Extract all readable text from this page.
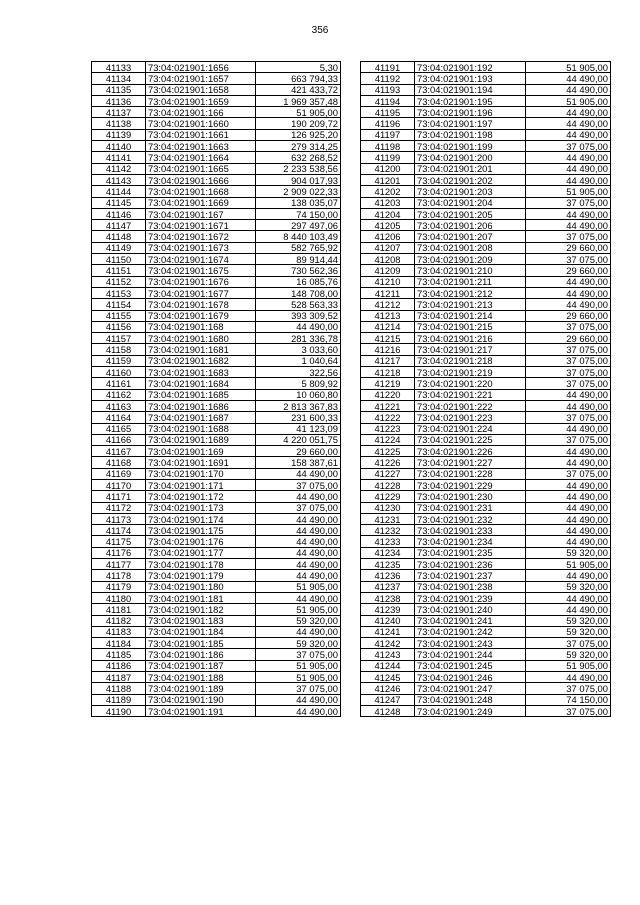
356
41133	73:04:021901:1656	5,30
41134	73:04:021901:1657	663 794,33
41135	73:04:021901:1658	421 433,72
41136	73:04:021901:1659	1 969 357,48
41137	73:04:021901:166	51 905,00
41138	73:04:021901:1660	190 209,72
41139	73:04:021901:1661	126 925,20
41140	73:04:021901:1663	279 314,25
41141	73:04:021901:1664	632 268,52
41142	73:04:021901:1665	2 233 538,56
41143	73:04:021901:1666	904 017,93
41144	73:04:021901:1668	2 909 022,33
41145	73:04:021901:1669	138 035,07
41146	73:04:021901:167	74 150,00
41147	73:04:021901:1671	297 497,06
41148	73:04:021901:1672	8 440 103,49
41149	73:04:021901:1673	582 765,92
41150	73:04:021901:1674	89 914,44
41151	73:04:021901:1675	730 562,36
41152	73:04:021901:1676	16 085,76
41153	73:04:021901:1677	148 708,00
41154	73:04:021901:1678	528 563,33
41155	73:04:021901:1679	393 309,52
41156	73:04:021901:168	44 490,00
41157	73:04:021901:1680	281 336,78
41158	73:04:021901:1681	3 033,60
41159	73:04:021901:1682	1 040,64
41160	73:04:021901:1683	322,56
41161	73:04:021901:1684	5 809,92
41162	73:04:021901:1685	10 060,80
41163	73:04:021901:1686	2 813 367,83
41164	73:04:021901:1687	231 600,33
41165	73:04:021901:1688	41 123,09
41166	73:04:021901:1689	4 220 051,75
41167	73:04:021901:169	29 660,00
41168	73:04:021901:1691	158 387,61
41169	73:04:021901:170	44 490,00
41170	73:04:021901:171	37 075,00
41171	73:04:021901:172	44 490,00
41172	73:04:021901:173	37 075,00
41173	73:04:021901:174	44 490,00
41174	73:04:021901:175	44 490,00
41175	73:04:021901:176	44 490,00
41176	73:04:021901:177	44 490,00
41177	73:04:021901:178	44 490,00
41178	73:04:021901:179	44 490,00
41179	73:04:021901:180	51 905,00
41180	73:04:021901:181	44 490,00
41181	73:04:021901:182	51 905,00
41182	73:04:021901:183	59 320,00
41183	73:04:021901:184	44 490,00
41184	73:04:021901:185	59 320,00
41185	73:04:021901:186	37 075,00
41186	73:04:021901:187	51 905,00
41187	73:04:021901:188	51 905,00
41188	73:04:021901:189	37 075,00
41189	73:04:021901:190	44 490,00
41190	73:04:021901:191	44 490,00
41191	73:04:021901:192	51 905,00
41192	73:04:021901:193	44 490,00
41193	73:04:021901:194	44 490,00
41194	73:04:021901:195	51 905,00
41195	73:04:021901:196	44 490,00
41196	73:04:021901:197	44 490,00
41197	73:04:021901:198	44 490,00
41198	73:04:021901:199	37 075,00
41199	73:04:021901:200	44 490,00
41200	73:04:021901:201	44 490,00
41201	73:04:021901:202	44 490,00
41202	73:04:021901:203	51 905,00
41203	73:04:021901:204	37 075,00
41204	73:04:021901:205	44 490,00
41205	73:04:021901:206	44 490,00
41206	73:04:021901:207	37 075,00
41207	73:04:021901:208	29 660,00
41208	73:04:021901:209	37 075,00
41209	73:04:021901:210	29 660,00
41210	73:04:021901:211	44 490,00
41211	73:04:021901:212	44 490,00
41212	73:04:021901:213	44 490,00
41213	73:04:021901:214	29 660,00
41214	73:04:021901:215	37 075,00
41215	73:04:021901:216	29 660,00
41216	73:04:021901:217	37 075,00
41217	73:04:021901:218	37 075,00
41218	73:04:021901:219	37 075,00
41219	73:04:021901:220	37 075,00
41220	73:04:021901:221	44 490,00
41221	73:04:021901:222	44 490,00
41222	73:04:021901:223	37 075,00
41223	73:04:021901:224	44 490,00
41224	73:04:021901:225	37 075,00
41225	73:04:021901:226	44 490,00
41226	73:04:021901:227	44 490,00
41227	73:04:021901:228	37 075,00
41228	73:04:021901:229	44 490,00
41229	73:04:021901:230	44 490,00
41230	73:04:021901:231	44 490,00
41231	73:04:021901:232	44 490,00
41232	73:04:021901:233	44 490,00
41233	73:04:021901:234	44 490,00
41234	73:04:021901:235	59 320,00
41235	73:04:021901:236	51 905,00
41236	73:04:021901:237	44 490,00
41237	73:04:021901:238	59 320,00
41238	73:04:021901:239	44 490,00
41239	73:04:021901:240	44 490,00
41240	73:04:021901:241	59 320,00
41241	73:04:021901:242	59 320,00
41242	73:04:021901:243	37 075,00
41243	73:04:021901:244	59 320,00
41244	73:04:021901:245	51 905,00
41245	73:04:021901:246	44 490,00
41246	73:04:021901:247	37 075,00
41247	73:04:021901:248	74 150,00
41248	73:04:021901:249	37 075,00
